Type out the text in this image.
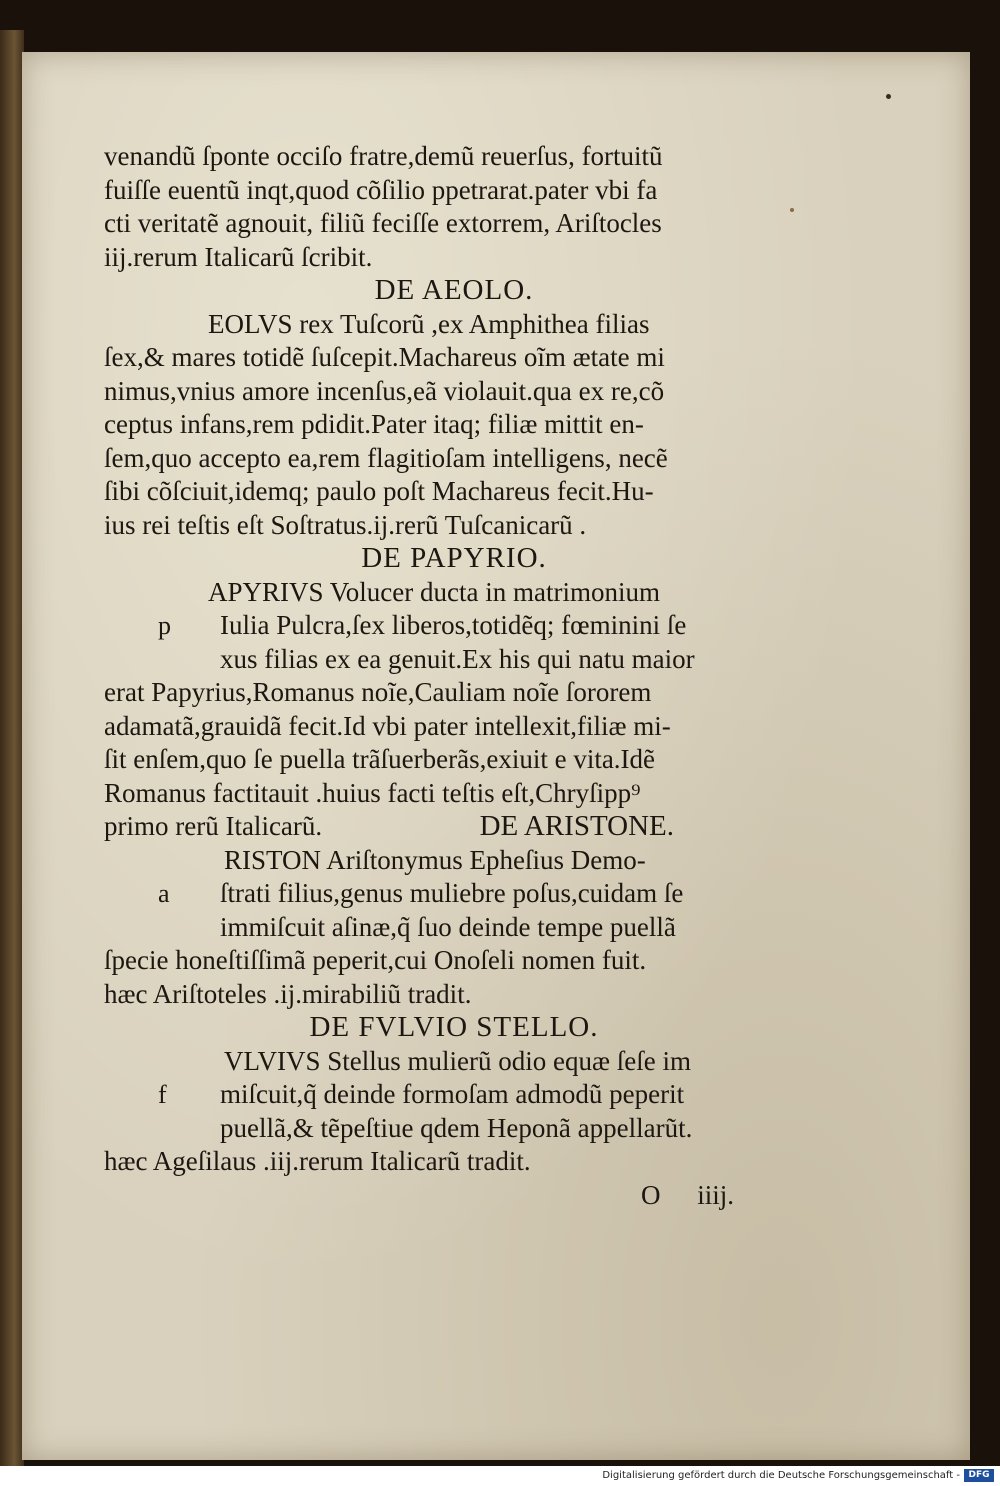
venandũ ſponte occiſo fratre,demũ reuerſus, fortuitũ
fuiſſe euentũ inqt,quod cõſilio ppetrarat.pater vbi fa
cti veritatẽ agnouit, filiũ feciſſe extorrem, Ariſtocles
iij.rerum Italicarũ ſcribit.
DE AEOLO.
EOLVS rex Tuſcorũ ,ex Amphithea filias
ſex,& mares totidẽ ſuſcepit.Machareus oĩm ætate mi
nimus,vnius amore incenſus,eã violauit.qua ex re,cõ
ceptus infans,rem pdidit.Pater itaq; filiæ mittit en-
ſem,quo accepto ea,rem flagitioſam intelligens, necẽ
ſibi cõſciuit,idemq; paulo poſt Machareus fecit.Hu-
ius rei teſtis eſt Soſtratus.ij.rerũ Tuſcanicarũ .
DE PAPYRIO.
APYRIVS Volucer ducta in matrimonium
p Iulia Pulcra,ſex liberos,totidẽq; fœminini ſe
xus filias ex ea genuit.Ex his qui natu maior
erat Papyrius,Romanus noĩe,Cauliam noĩe ſororem
adamatã,grauidã fecit.Id vbi pater intellexit,filiæ mi-
ſit enſem,quo ſe puella trãſuerberãs,exiuit e vita.Idẽ
Romanus factitauit .huius facti teſtis eſt,Chryſipp⁹
primo rerũ Italicarũ.	DE ARISTONE.
RISTON Ariſtonymus Epheſius Demo-
a ſtrati filius,genus muliebre poſus,cuidam ſe
immiſcuit aſinæ,q̃ ſuo deinde tempe puellã
ſpecie honeſtiſſimã peperit,cui Onoſeli nomen fuit.
hæc Ariſtoteles .ij.mirabiliũ tradit.
DE FVLVIO STELLO.
VLVIVS Stellus mulierũ odio equæ ſeſe im
f miſcuit,q̃ deinde formoſam admodũ peperit
puellã,& tẽpeſtiue qdem Heponã appellarũt.
hæc Ageſilaus .iij.rerum Italicarũ tradit.
O iiij.
Digitalisierung gefördert durch die Deutsche Forschungsgemeinschaft - DFG
